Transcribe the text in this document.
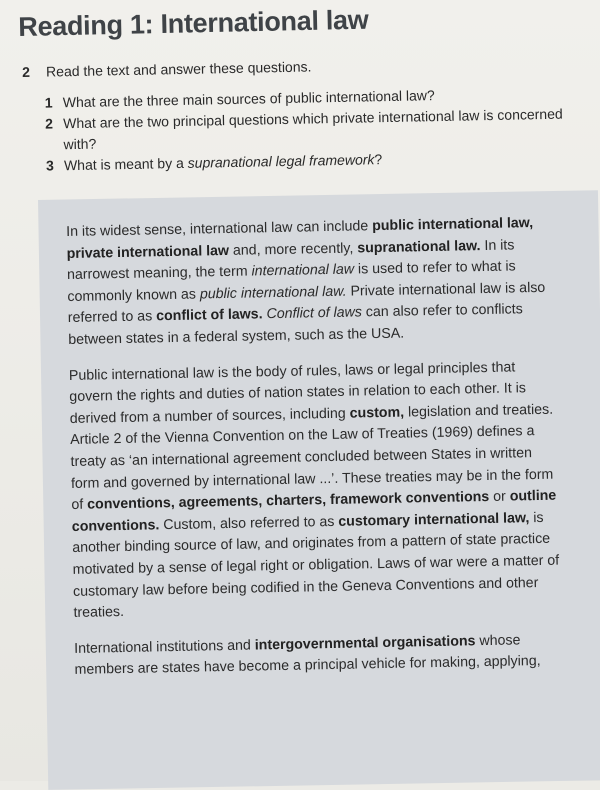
Reading 1: International law
2 Read the text and answer these questions.
1 What are the three main sources of public international law?
2 What are the two principal questions which private international law is concerned with?
3 What is meant by a supranational legal framework?

In its widest sense, international law can include public international law, private international law and, more recently, supranational law. In its narrowest meaning, the term international law is used to refer to what is commonly known as public international law. Private international law is also referred to as conflict of laws. Conflict of laws can also refer to conflicts between states in a federal system, such as the USA.

Public international law is the body of rules, laws or legal principles that govern the rights and duties of nation states in relation to each other. It is derived from a number of sources, including custom, legislation and treaties. Article 2 of the Vienna Convention on the Law of Treaties (1969) defines a treaty as ‘an international agreement concluded between States in written form and governed by international law ...’. These treaties may be in the form of conventions, agreements, charters, framework conventions or outline conventions. Custom, also referred to as customary international law, is another binding source of law, and originates from a pattern of state practice motivated by a sense of legal right or obligation. Laws of war were a matter of customary law before being codified in the Geneva Conventions and other treaties.

International institutions and intergovernmental organisations whose members are states have become a principal vehicle for making, applying,
